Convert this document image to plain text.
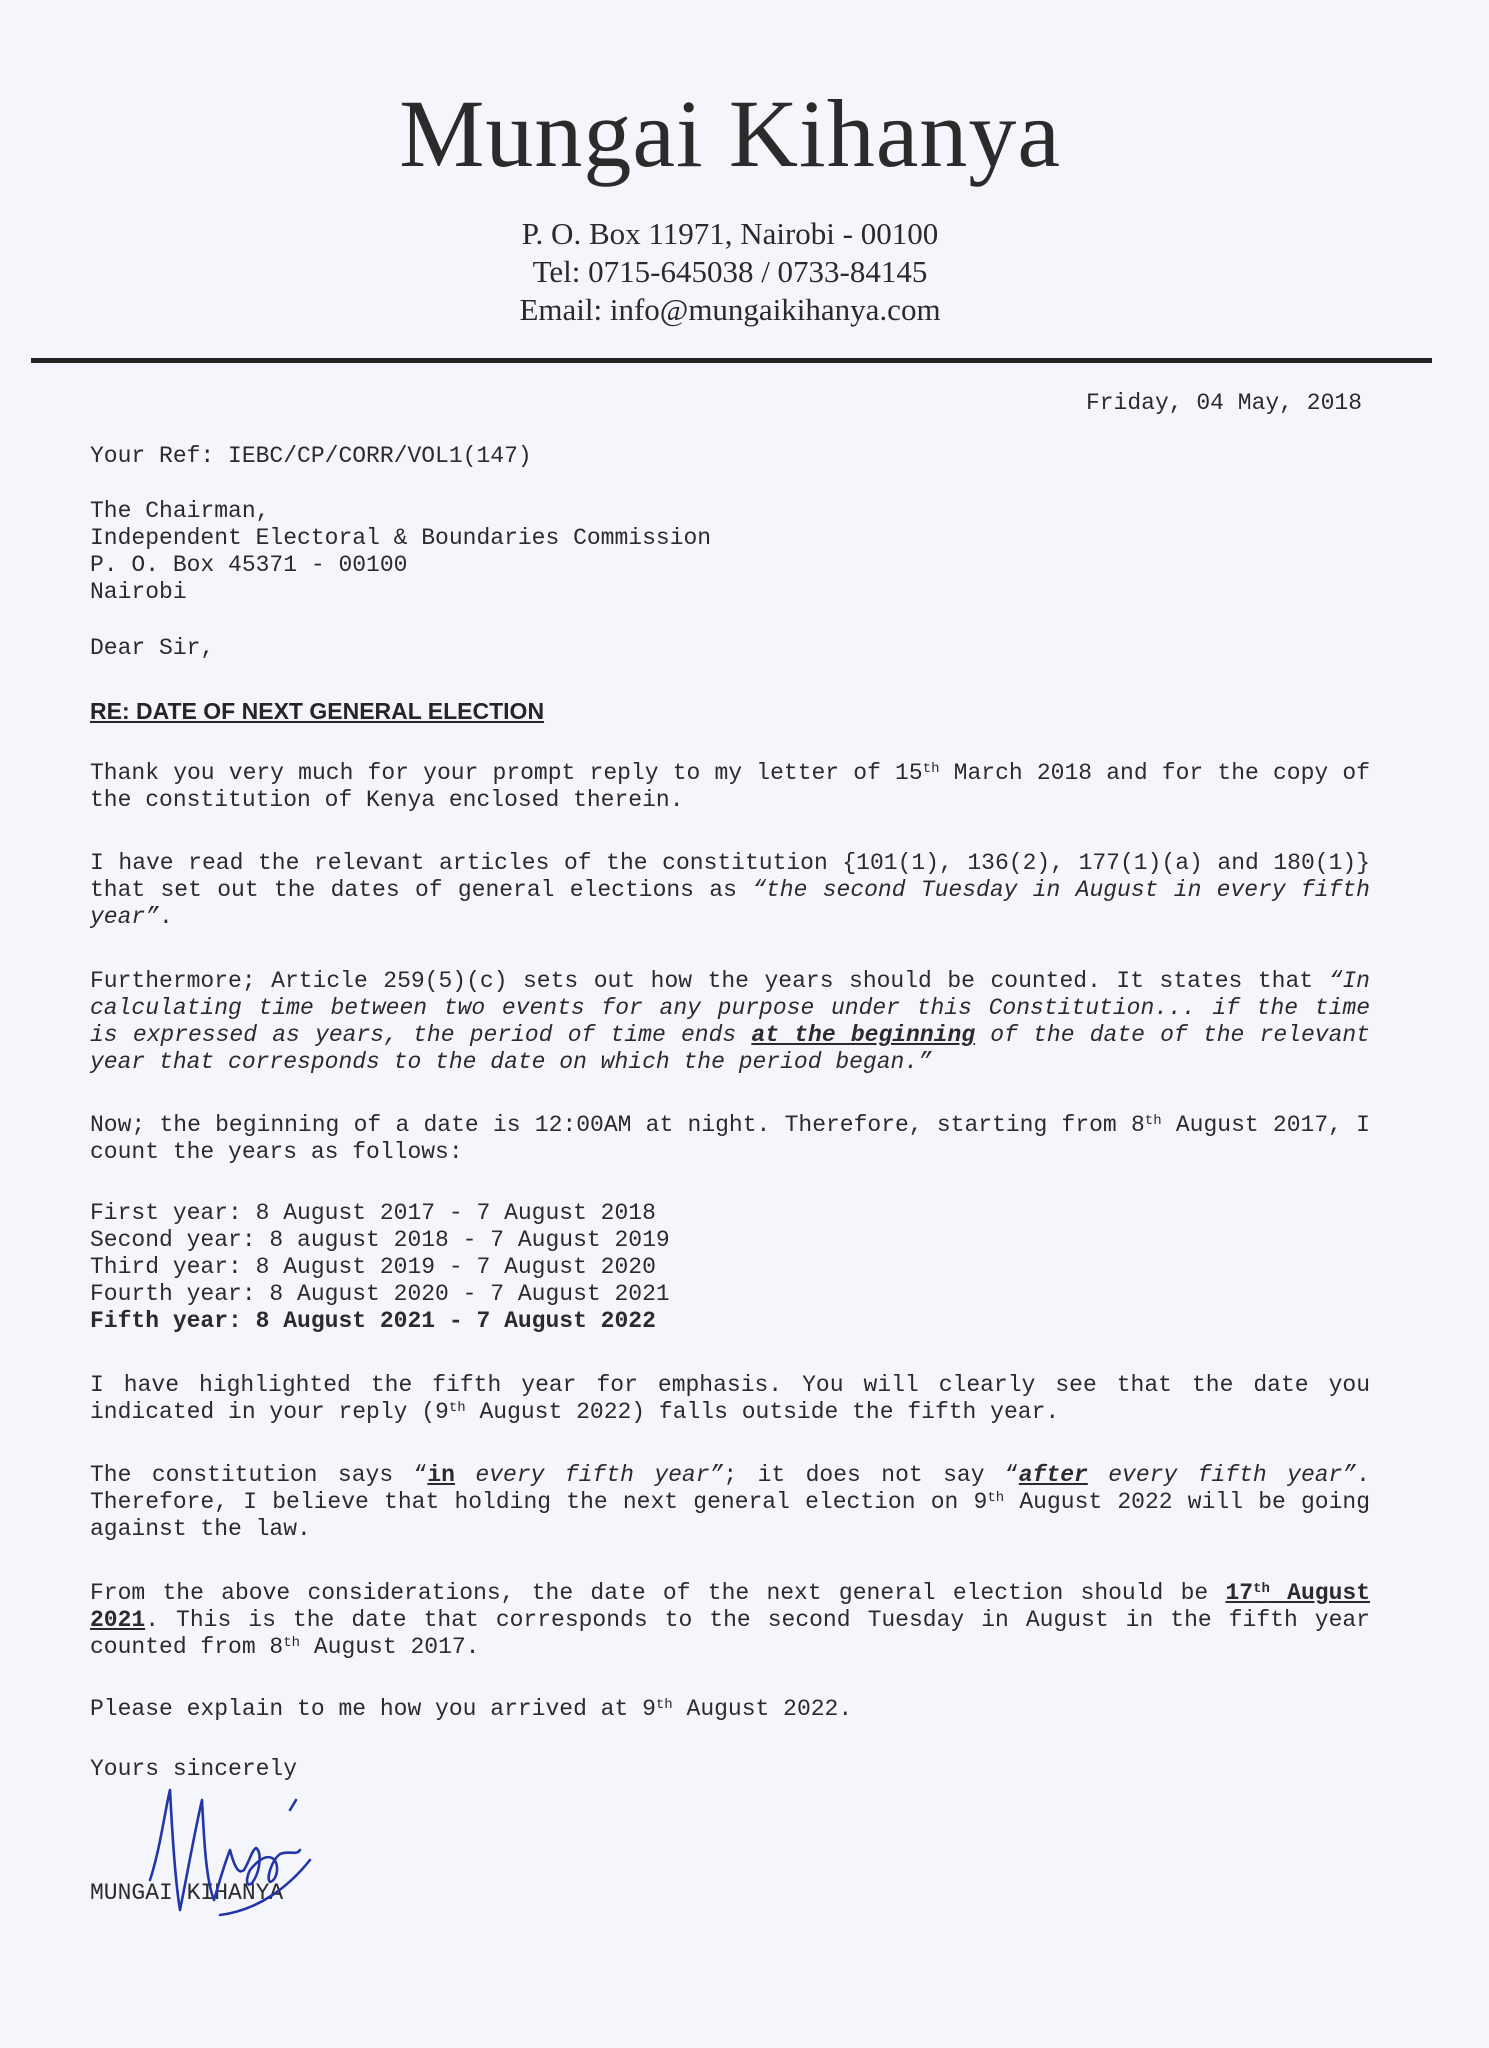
Mungai Kihanya
P. O. Box 11971, Nairobi - 00100
Tel: 0715-645038 / 0733-84145
Email: info@mungaikihanya.com
Friday, 04 May, 2018
Your Ref: IEBC/CP/CORR/VOL1(147)
The Chairman,
Independent Electoral & Boundaries Commission
P. O. Box 45371 - 00100
Nairobi
Dear Sir,
RE: DATE OF NEXT GENERAL ELECTION

Thank you very much for your prompt reply to my letter of 15th March 2018 and for the copy of the constitution of Kenya enclosed therein.

I have read the relevant articles of the constitution {101(1), 136(2), 177(1)(a) and 180(1)} that set out the dates of general elections as “the second Tuesday in August in every fifth year”.

Furthermore; Article 259(5)(c) sets out how the years should be counted. It states that “In calculating time between two events for any purpose under this Constitution... if the time is expressed as years, the period of time ends at the beginning of the date of the relevant year that corresponds to the date on which the period began.”

Now; the beginning of a date is 12:00AM at night. Therefore, starting from 8th August 2017, I count the years as follows:

First year: 8 August 2017 - 7 August 2018
Second year: 8 august 2018 - 7 August 2019
Third year: 8 August 2019 - 7 August 2020
Fourth year: 8 August 2020 - 7 August 2021
Fifth year: 8 August 2021 - 7 August 2022

I have highlighted the fifth year for emphasis. You will clearly see that the date you indicated in your reply (9th August 2022) falls outside the fifth year.

The constitution says “in every fifth year”; it does not say “after every fifth year”. Therefore, I believe that holding the next general election on 9th August 2022 will be going against the law.

From the above considerations, the date of the next general election should be 17th August 2021. This is the date that corresponds to the second Tuesday in August in the fifth year counted from 8th August 2017.

Please explain to me how you arrived at 9th August 2022.

Yours sincerely
MUNGAI KIHANYA
